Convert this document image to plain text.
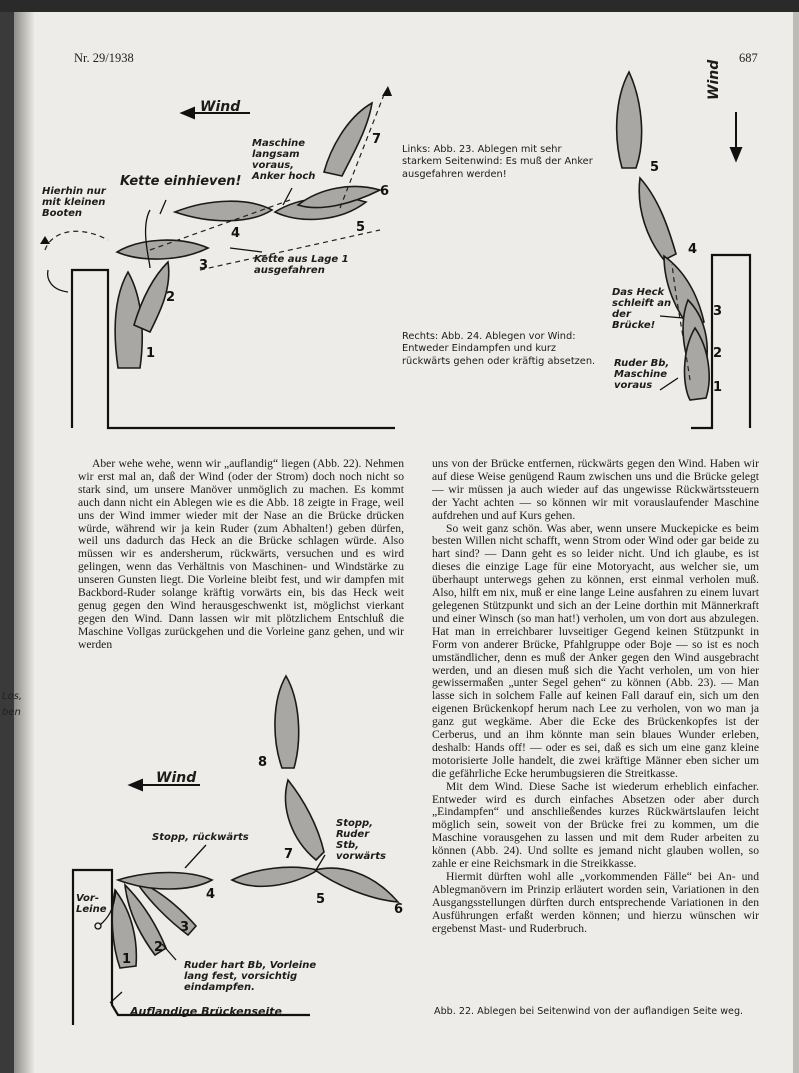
Nr. 29/1938	687
Los,
ben
Wind
Maschine langsam voraus, Anker hoch
Kette einhieven!
Hierhin nur mit kleinen Booten
Kette aus Lage 1 ausgefahren
1
2
3
4	5
6
7
Links: Abb. 23. Ablegen mit sehr starkem Seitenwind: Es muß der Anker ausgefahren werden!
Rechts: Abb. 24. Ablegen vor Wind: Entweder Eindampfen und kurz rückwärts gehen oder kräftig absetzen.
Wind
Das Heck schleift an der Brücke!
Ruder Bb, Maschine voraus	1
2
3
4
5

Aber wehe wehe, wenn wir „auflandig“ liegen (Abb. 22). Nehmen wir erst mal an, daß der Wind (oder der Strom) doch noch nicht so stark sind, um unsere Manöver unmöglich zu machen. Es kommt auch dann nicht ein Ablegen wie es die Abb. 18 zeigte in Frage, weil uns der Wind immer wieder mit der Nase an die Brücke drücken würde, während wir ja kein Ruder (zum Abhalten!) geben dürfen, weil uns dadurch das Heck an die Brücke schlagen würde. Also müssen wir es andersherum, rückwärts, versuchen und es wird gelingen, wenn das Verhältnis von Maschinen- und Windstärke zu unseren Gunsten liegt. Die Vorleine bleibt fest, und wir dampfen mit Backbord-Ruder solange kräftig vorwärts ein, bis das Heck weit genug gegen den Wind herausgeschwenkt ist, möglichst vierkant gegen den Wind. Dann lassen wir mit plötzlichem Entschluß die Maschine Vollgas zurückgehen und die Vorleine ganz gehen, und wir werden

uns von der Brücke entfernen, rückwärts gegen den Wind. Haben wir auf diese Weise genügend Raum zwischen uns und die Brücke gelegt — wir müssen ja auch wieder auf das ungewisse Rückwärtssteuern der Yacht achten — so können wir mit vorauslaufender Maschine aufdrehen und auf Kurs gehen.

So weit ganz schön. Was aber, wenn unsere Muckepicke es beim besten Willen nicht schafft, wenn Strom oder Wind oder gar beide zu hart sind? — Dann geht es so leider nicht. Und ich glaube, es ist dieses die einzige Lage für eine Motoryacht, aus welcher sie, um überhaupt unterwegs gehen zu können, erst einmal verholen muß. Also, hilft em nix, muß er eine lange Leine ausfahren zu einem luvart gelegenen Stützpunkt und sich an der Leine dorthin mit Männerkraft und einer Winsch (so man hat!) verholen, um von dort aus abzulegen. Hat man in erreichbarer luvseitiger Gegend keinen Stützpunkt in Form von anderer Brücke, Pfahlgruppe oder Boje — so ist es noch umständlicher, denn es muß der Anker gegen den Wind ausgebracht werden, und an diesen muß sich die Yacht verholen, um von hier gewissermaßen „unter Segel gehen“ zu können (Abb. 23). — Man lasse sich in solchem Falle auf keinen Fall darauf ein, sich um den eigenen Brückenkopf herum nach Lee zu verholen, von wo man ja ganz gut wegkäme. Aber die Ecke des Brückenkopfes ist der Cerberus, und an ihm könnte man sein blaues Wunder erleben, deshalb: Hands off! — oder es sei, daß es sich um eine ganz kleine motorisierte Jolle handelt, die zwei kräftige Männer eben sicher um die gefährliche Ecke herumbugsieren die Streitkasse.

Mit dem Wind. Diese Sache ist wiederum erheblich einfacher. Entweder wird es durch einfaches Absetzen oder aber durch „Eindampfen“ und anschließendes kurzes Rückwärtslaufen leicht möglich sein, soweit von der Brücke frei zu kommen, um die Maschine vorausgehen zu lassen und mit dem Ruder arbeiten zu können (Abb. 24). Und sollte es jemand nicht glauben wollen, so zahle er eine Reichsmark in die Streikkasse.

Hiermit dürften wohl alle „vorkommenden Fälle“ bei An- und Ablegmanövern im Prinzip erläutert worden sein, Variationen in den Ausgangsstellungen dürften durch entsprechende Variationen in den Ausführungen erfaßt werden können; und hierzu wünschen wir ergebenst Mast- und Ruderbruch.

Wind
Stopp, rückwärts
Stopp, Ruder Stb, vorwärts
Vor-Leine
Ruder hart Bb, Vorleine lang fest, vorsichtig eindampfen.
Auflandige Brückenseite
1
2
3
4	5
6
7
8
Abb. 22. Ablegen bei Seitenwind von der auflandigen Seite weg.
